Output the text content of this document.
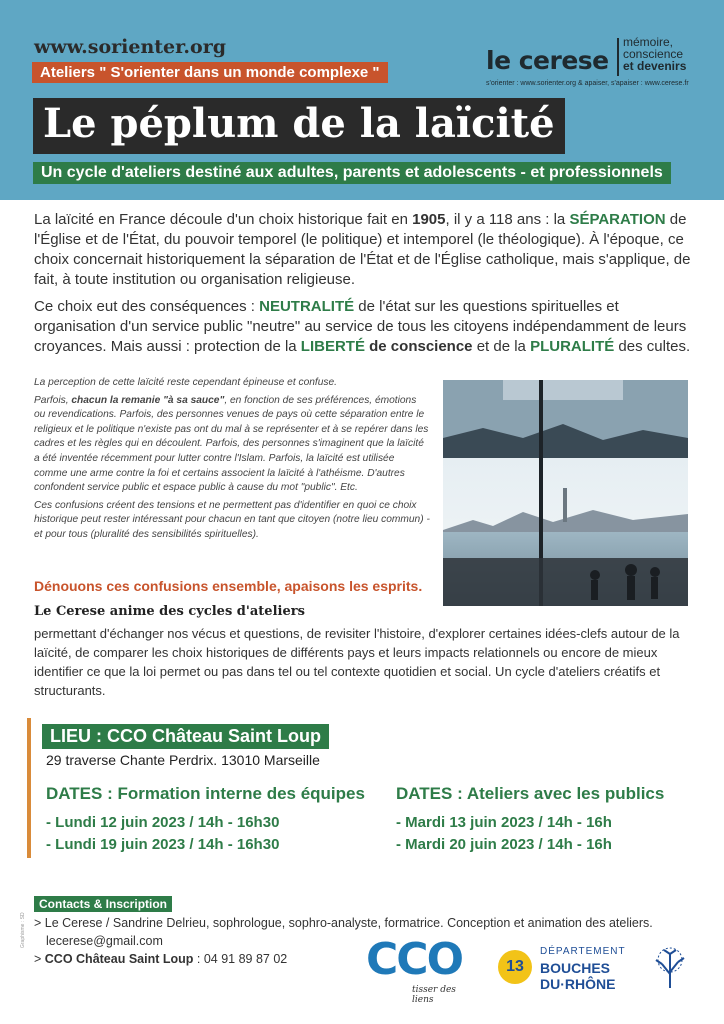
www.sorienter.org
Ateliers " S'orienter dans un monde complexe "	le cerese
mémoire,
conscience
et devenirs
s'orienter : www.sorienter.org & apaiser, s'apaiser : www.cerese.fr
Le péplum de la laïcité
Un cycle d'ateliers destiné aux adultes, parents et adolescents - et professionnels

La laïcité en France découle d'un choix historique fait en 1905, il y a 118 ans : la SÉPARATION de l'Église et de l'État, du pouvoir temporel (le politique) et intemporel (le théologique). À l'époque, ce choix concernait historiquement la séparation de l'État et de l'Église catholique, mais s'applique, de fait, à toute institution ou organisation religieuse.

Ce choix eut des conséquences : NEUTRALITÉ de l'état sur les questions spirituelles et organisation d'un service public "neutre" au service de tous les citoyens indépendamment de leurs croyances. Mais aussi : protection de la LIBERTÉ de conscience et de la PLURALITÉ des cultes.

La perception de cette laïcité reste cependant épineuse et confuse.

Parfois, chacun la remanie "à sa sauce", en fonction de ses préférences, émotions ou revendications. Parfois, des personnes venues de pays où cette séparation entre le religieux et le politique n'existe pas ont du mal à se représenter et à se repérer dans les cadres et les règles qui en découlent. Parfois, des personnes s'imaginent que la laïcité a été inventée récemment pour lutter contre l'Islam. Parfois, la laïcité est utilisée comme une arme contre la foi et certains associent la laïcité à l'athéisme. D'autres confondent service public et espace public à cause du mot "public". Etc.

Ces confusions créent des tensions et ne permettent pas d'identifier en quoi ce choix historique peut rester intéressant pour chacun en tant que citoyen (notre lieu commun) - et pour tous (pluralité des sensibilités spirituelles).

Dénouons ces confusions ensemble, apaisons les esprits.
Le Cerese anime des cycles d'ateliers

permettant d'échanger nos vécus et questions, de revisiter l'histoire, d'explorer certaines idées-clefs autour de la laïcité, de comparer les choix historiques de différents pays et leurs impacts relationnels ou encore de mieux identifier ce que la loi permet ou pas dans tel ou tel contexte quotidien et social. Un cycle d'ateliers créatifs et structurants.

LIEU : CCO Château Saint Loup
29 traverse Chante Perdrix. 13010 Marseille
DATES : Formation interne des équipes
- Lundi 12 juin 2023 / 14h - 16h30
- Lundi 19 juin 2023 / 14h - 16h30
DATES : Ateliers avec les publics
- Mardi 13 juin 2023 / 14h - 16h
- Mardi 20 juin 2023 / 14h - 16h
Contacts & Inscription
> Le Cerese / Sandrine Delrieu, sophrologue, sophro-analyste, formatrice. Conception et animation des ateliers.
lecerese@gmail.com
> CCO Château Saint Loup : 04 91 89 87 02
Graphisme : SD
CCO
tisser des liens
13
DÉPARTEMENT
BOUCHES
DU·RHÔNE
